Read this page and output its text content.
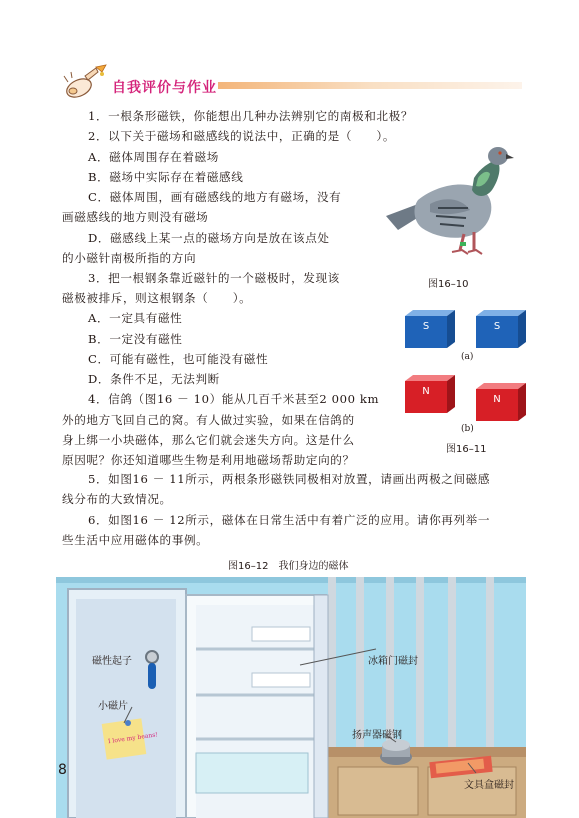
自我评价与作业
1．一根条形磁铁，你能想出几种办法辨别它的南极和北极？
2．以下关于磁场和磁感线的说法中，正确的是（　　）。
A．磁体周围存在着磁场
B．磁场中实际存在着磁感线
C．磁体周围，画有磁感线的地方有磁场，没有
画磁感线的地方则没有磁场
D．磁感线上某一点的磁场方向是放在该点处
的小磁针南极所指的方向
3．把一根钢条靠近磁针的一个磁极时，发现该
磁极被排斥，则这根钢条（　　）。
A．一定具有磁性
B．一定没有磁性
C．可能有磁性，也可能没有磁性
D．条件不足，无法判断
4．信鸽（图16 － 10）能从几百千米甚至2 000 km
外的地方飞回自己的窝。有人做过实验，如果在信鸽的
身上绑一小块磁体，那么它们就会迷失方向。这是什么
原因呢？你还知道哪些生物是利用地磁场帮助定向的？
5．如图16 － 11所示，两根条形磁铁同极相对放置，请画出两极之间磁感
线分布的大致情况。
6．如图16 － 12所示，磁体在日常生活中有着广泛的应用。请你再列举一
些生活中应用磁体的事例。
图16–10
S	S
(a)
N
N
(b)
图16–11
图16–12　我们身边的磁体
I love my beans!
磁性起子
小磁片
冰箱门磁封
扬声器磁钢
文具盒磁封
8
